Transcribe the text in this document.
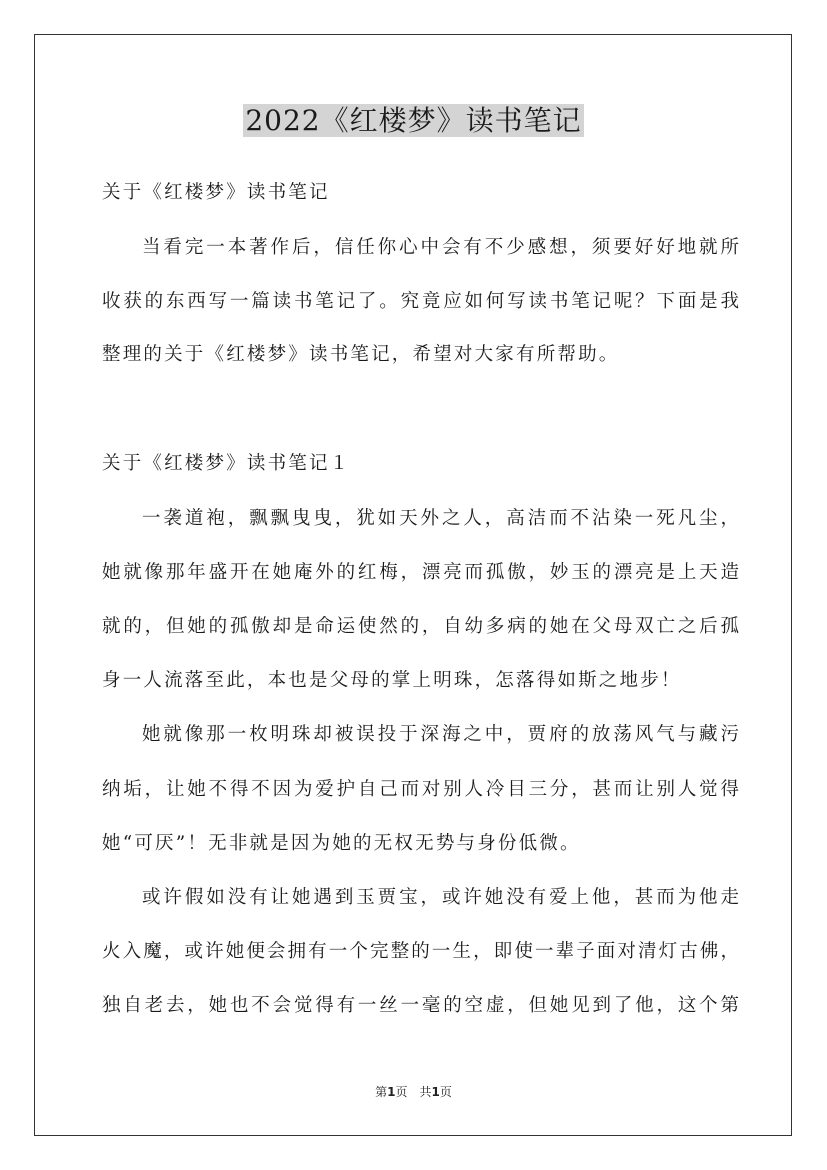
2022《红楼梦》读书笔记

关于《红楼梦》读书笔记

当看完一本著作后，信任你心中会有不少感想，须要好好地就所

收获的东西写一篇读书笔记了。究竟应如何写读书笔记呢？下面是我

整理的关于《红楼梦》读书笔记，希望对大家有所帮助。

关于《红楼梦》读书笔记１

一袭道袍，飘飘曳曳，犹如天外之人，高洁而不沾染一死凡尘，

她就像那年盛开在她庵外的红梅，漂亮而孤傲，妙玉的漂亮是上天造

就的，但她的孤傲却是命运使然的，自幼多病的她在父母双亡之后孤

身一人流落至此，本也是父母的掌上明珠，怎落得如斯之地步！

她就像那一枚明珠却被误投于深海之中，贾府的放荡风气与藏污

纳垢，让她不得不因为爱护自己而对别人冷目三分，甚而让别人觉得

她“可厌”！无非就是因为她的无权无势与身份低微。

或许假如没有让她遇到玉贾宝，或许她没有爱上他，甚而为他走

火入魔，或许她便会拥有一个完整的一生，即使一辈子面对清灯古佛，

独自老去，她也不会觉得有一丝一毫的空虚，但她见到了他，这个第

第1页 共1页
